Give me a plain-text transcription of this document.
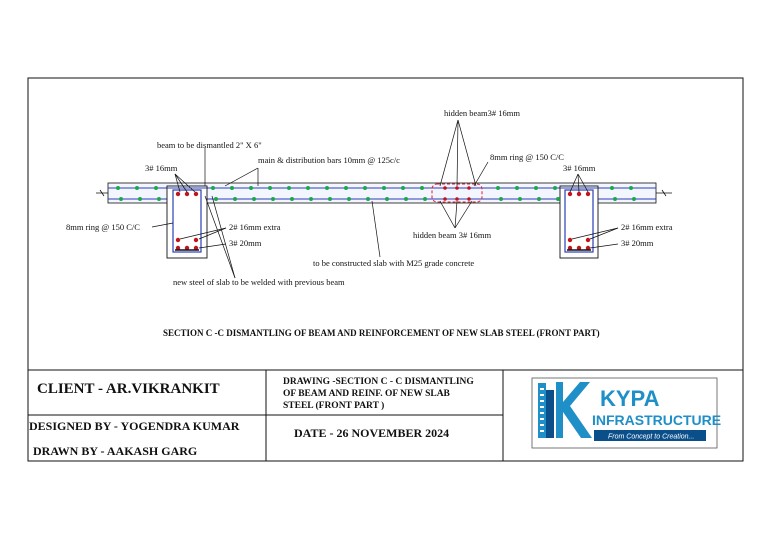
hidden beam3# 16mm
beam to be dismantled 2" X 6"
3# 16mm
main & distribution bars 10mm @ 125c/c	8mm ring @ 150 C/C
3# 16mm
8mm ring @ 150 C/C	2# 16mm extra
3# 20mm
hidden beam 3# 16mm
2# 16mm extra
3# 20mm
to be constructed slab with M25 grade concrete
new steel of slab to be welded with previous beam
SECTION C -C DISMANTLING OF BEAM AND REINFORCEMENT OF NEW SLAB STEEL (FRONT PART)
CLIENT - AR.VIKRANKIT	DRAWING -SECTION C - C DISMANTLING
OF BEAM AND REINF. OF NEW SLAB
STEEL (FRONT PART )
DESIGNED BY - YOGENDRA KUMAR
DRAWN BY - AAKASH GARG
DATE - 26 NOVEMBER 2024
KYPA
INFRASTRUCTURE
From Concept to Creation...
